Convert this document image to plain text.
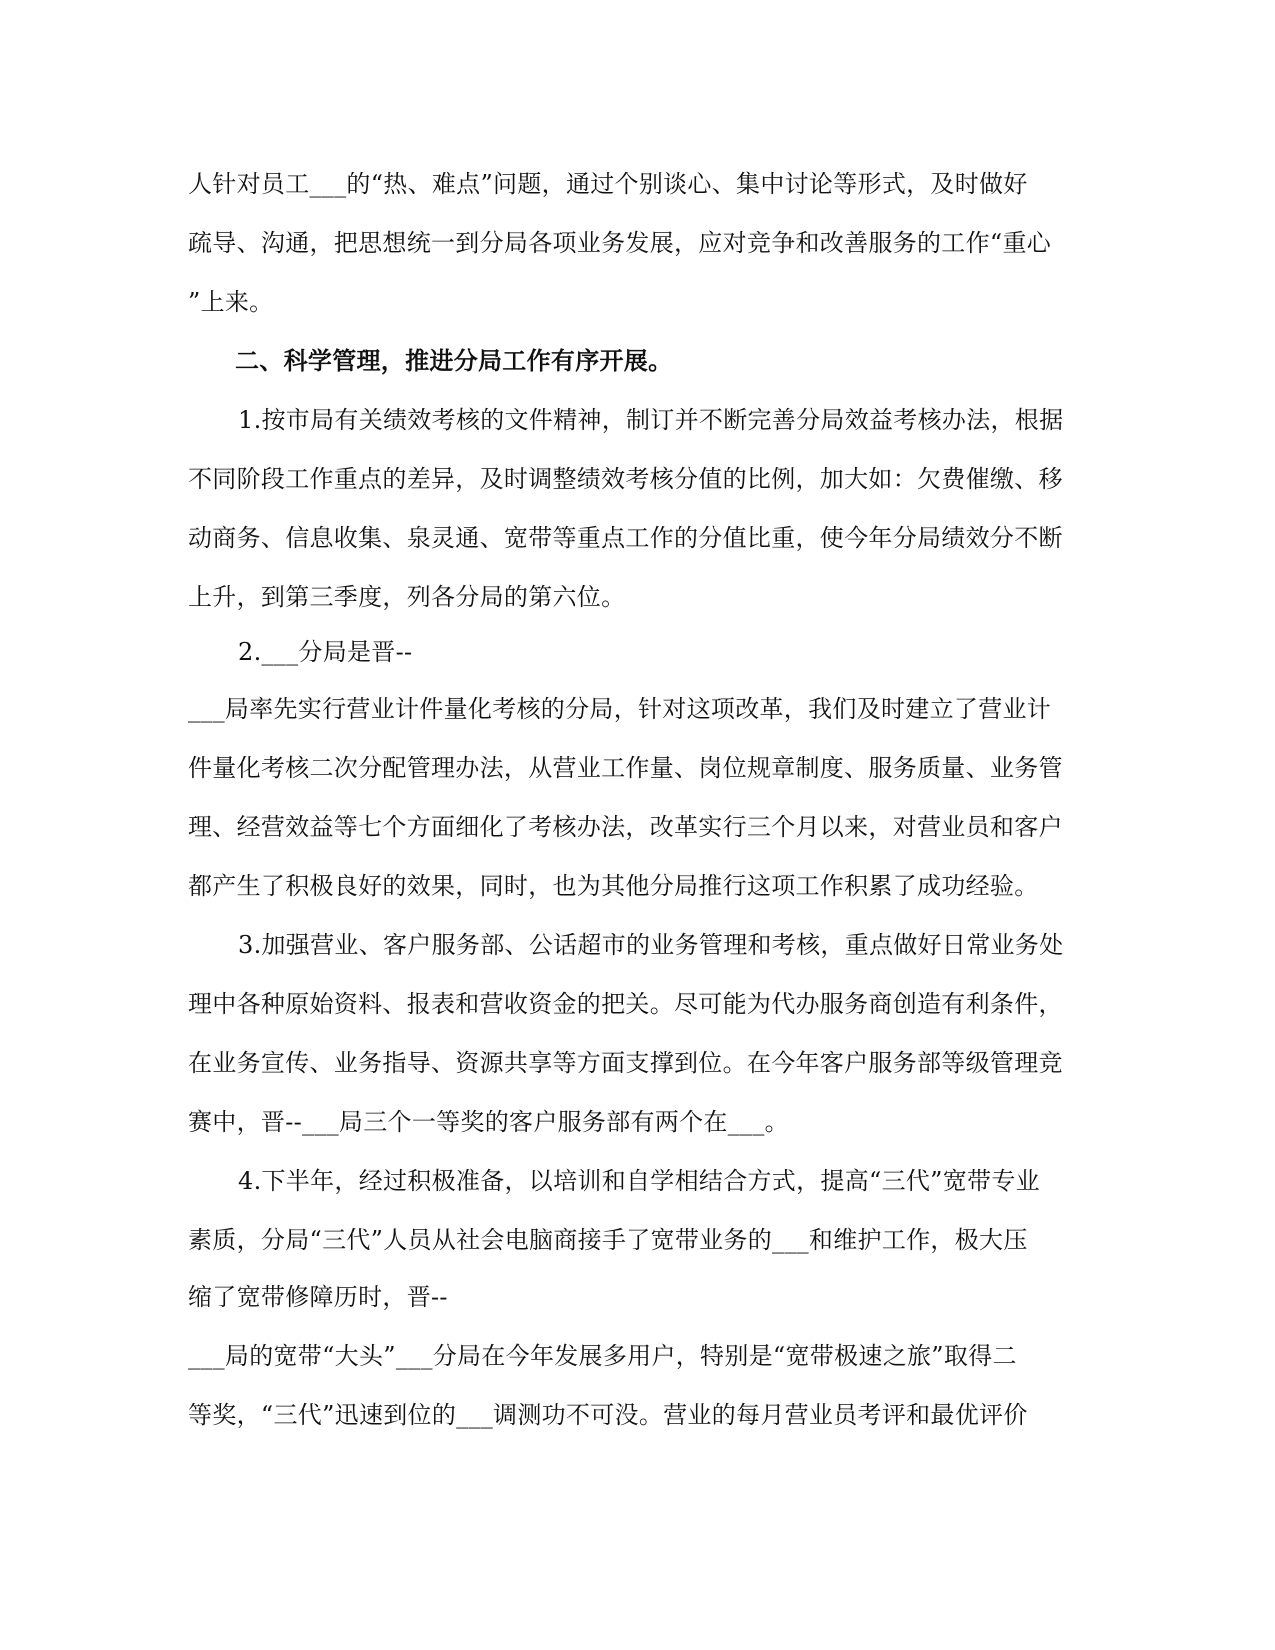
人针对员工___的“热、难点”问题，通过个别谈心、集中讨论等形式，及时做好
疏导、沟通，把思想统一到分局各项业务发展，应对竞争和改善服务的工作“重心
”上来。
二、科学管理，推进分局工作有序开展。
1.按市局有关绩效考核的文件精神，制订并不断完善分局效益考核办法，根据
不同阶段工作重点的差异，及时调整绩效考核分值的比例，加大如：欠费催缴、移
动商务、信息收集、泉灵通、宽带等重点工作的分值比重，使今年分局绩效分不断
上升，到第三季度，列各分局的第六位。
2.___分局是晋--
___局率先实行营业计件量化考核的分局，针对这项改革，我们及时建立了营业计
件量化考核二次分配管理办法，从营业工作量、岗位规章制度、服务质量、业务管
理、经营效益等七个方面细化了考核办法，改革实行三个月以来，对营业员和客户
都产生了积极良好的效果，同时，也为其他分局推行这项工作积累了成功经验。
3.加强营业、客户服务部、公话超市的业务管理和考核，重点做好日常业务处
理中各种原始资料、报表和营收资金的把关。尽可能为代办服务商创造有利条件，
在业务宣传、业务指导、资源共享等方面支撑到位。在今年客户服务部等级管理竞
赛中，晋--___局三个一等奖的客户服务部有两个在___。
4.下半年，经过积极准备，以培训和自学相结合方式，提高“三代”宽带专业
素质，分局“三代”人员从社会电脑商接手了宽带业务的___和维护工作，极大压
缩了宽带修障历时，晋--
___局的宽带“大头”___分局在今年发展多用户，特别是“宽带极速之旅”取得二
等奖，“三代”迅速到位的___调测功不可没。营业的每月营业员考评和最优评价
